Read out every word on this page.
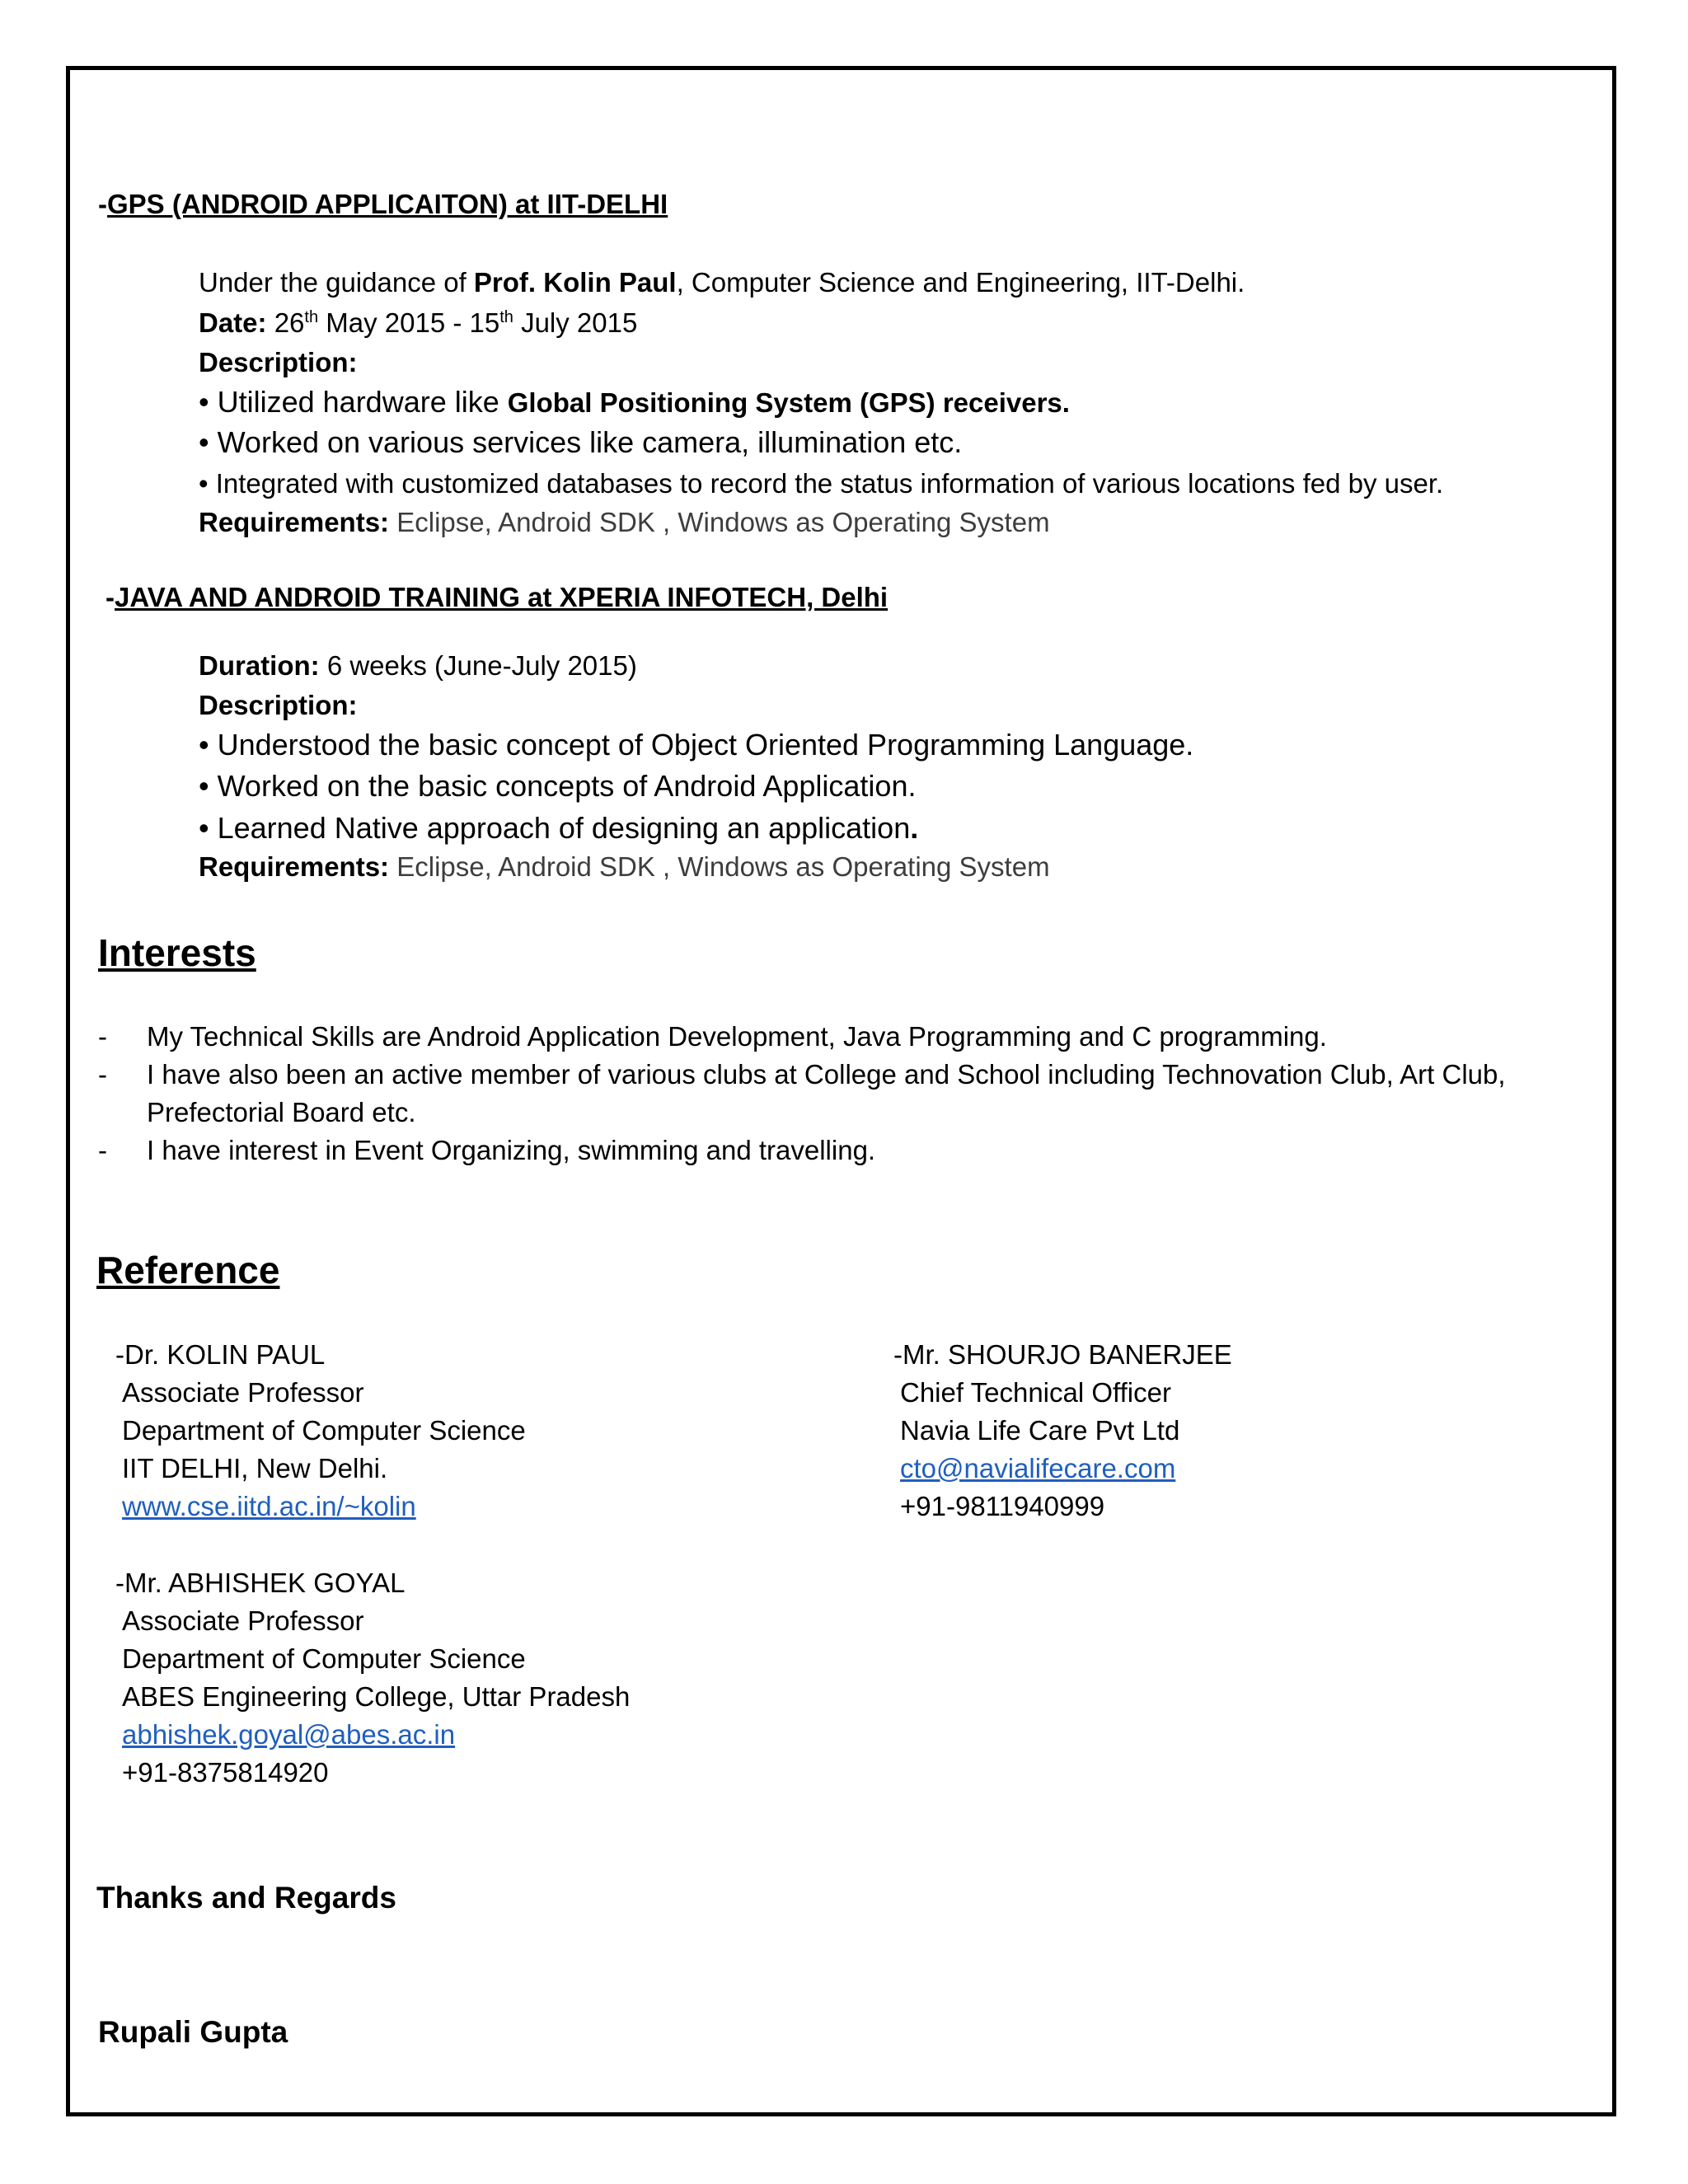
-GPS (ANDROID APPLICAITON) at IIT-DELHI
Under the guidance of Prof. Kolin Paul, Computer Science and Engineering, IIT-Delhi.
Date: 26th May 2015 - 15th July 2015
Description:
• Utilized hardware like Global Positioning System (GPS) receivers.
• Worked on various services like camera, illumination etc.
• Integrated with customized databases to record the status information of various locations fed by user.
Requirements: Eclipse, Android SDK , Windows as Operating System
-JAVA AND ANDROID TRAINING at XPERIA INFOTECH, Delhi
Duration: 6 weeks (June-July 2015)
Description:
• Understood the basic concept of Object Oriented Programming Language.
• Worked on the basic concepts of Android Application.
• Learned Native approach of designing an application.
Requirements: Eclipse, Android SDK , Windows as Operating System
Interests
- My Technical Skills are Android Application Development, Java Programming and C programming.
- I have also been an active member of various clubs at College and School including Technovation Club, Art Club,
Prefectorial Board etc.
- I have interest in Event Organizing, swimming and travelling.
Reference
-Dr. KOLIN PAUL
Associate Professor
Department of Computer Science
IIT DELHI, New Delhi.
www.cse.iitd.ac.in/~kolin
-Mr. SHOURJO BANERJEE
Chief Technical Officer
Navia Life Care Pvt Ltd
cto@navialifecare.com
+91-9811940999
-Mr. ABHISHEK GOYAL
Associate Professor
Department of Computer Science
ABES Engineering College, Uttar Pradesh
abhishek.goyal@abes.ac.in
+91-8375814920
Thanks and Regards
Rupali Gupta
